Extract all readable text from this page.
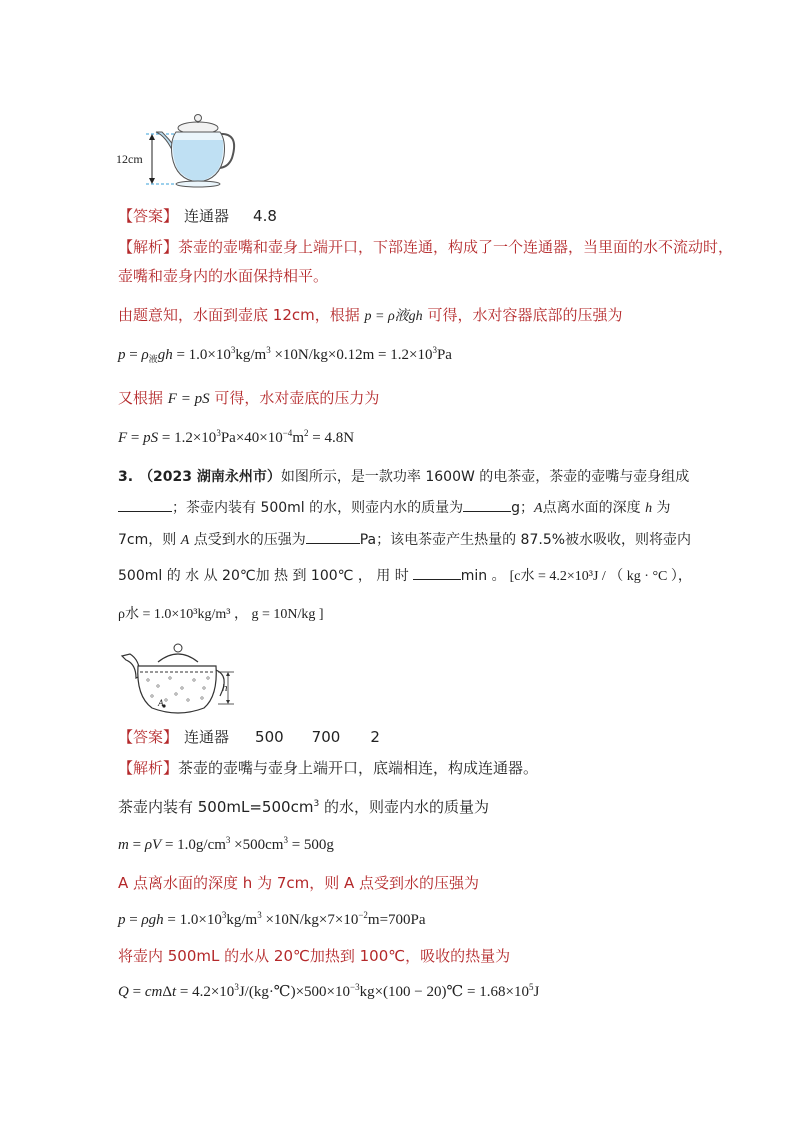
12cm
【答案】 连通器 4.8
【解析】茶壶的壶嘴和壶身上端开口，下部连通，构成了一个连通器，当里面的水不流动时，
壶嘴和壶身内的水面保持相平。
由题意知，水面到壶底 12cm，根据 p = ρ液gh 可得，水对容器底部的压强为
$p = \rho_液gh = 1.0\times 10^3kg/m^3 \times 10N/kg\times 0.12m = 1.2\times 10^3Pa$
又根据 F = pS 可得，水对壶底的压力为
F = pS = $1.2\times 10^3Pa\times 40\times 10^{-4}m^2 = 4.8N$
3. （2023 湖南永州市）如图所示，是一款功率 1600W 的电茶壶，茶壶的壶嘴与壶身组成
；茶壶内装有 500ml 的水，则壶内水的质量为	g；A点离水面的深度 h 为
7cm，则 A 点受到水的压强为	Pa；该电茶壶产生热量的 87.5%被水吸收，则将壶内
500ml 的 水 从 20℃加 热 到 100℃ ， 用 时	min 。 [c水 = 4.2×10³J / （ kg · °C ），
ρ水 = 1.0×10³kg/m³ ， g = 10N/kg ]
h
A
【答案】 连通器 500 700 2
【解析】茶壶的壶嘴与壶身上端开口，底端相连，构成连通器。
茶壶内装有 $500mL=500cm^3$ 的水，则壶内水的质量为
$m = \rho V = 1.0g/cm^3 \times 500cm^3 = 500g$
A 点离水面的深度 h 为 7cm，则 A 点受到水的压强为
$p = \rho gh = 1.0\times 10^3kg/m^3 \times 10N/kg\times 7\times 10^{-2}m=700Pa$
将壶内 500mL 的水从 20℃加热到 100℃，吸收的热量为
$Q = cm\Delta t = 4.2\times 10^3J/(kg\cdot℃)\times 500\times 10^{-3}kg\times(100$ − 20)℃ = $1.68\times 10^5J$
